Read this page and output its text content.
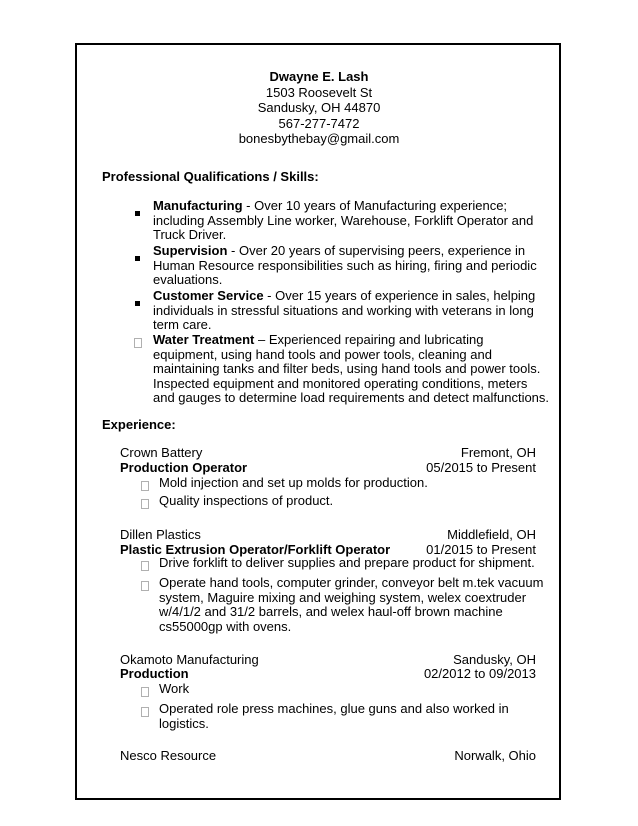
Dwayne E. Lash
1503 Roosevelt St
Sandusky, OH 44870
567-277-7472
bonesbythebay@gmail.com
Professional Qualifications / Skills:
Manufacturing - Over 10 years of Manufacturing experience;
including Assembly Line worker, Warehouse, Forklift Operator and
Truck Driver.
Supervision - Over 20 years of supervising peers, experience in
Human Resource responsibilities such as hiring, firing and periodic
evaluations.
Customer Service - Over 15 years of experience in sales, helping
individuals in stressful situations and working with veterans in long
term care.
Water Treatment – Experienced repairing and lubricating
equipment, using hand tools and power tools, cleaning and
maintaining tanks and filter beds, using hand tools and power tools.
Inspected equipment and monitored operating conditions, meters
and gauges to determine load requirements and detect malfunctions.
Experience:
Crown Battery	Fremont, OH
Production Operator	05/2015 to Present
Mold injection and set up molds for production.
Quality inspections of product.
Dillen Plastics	Middlefield, OH
Plastic Extrusion Operator/Forklift Operator	01/2015 to Present
Drive forklift to deliver supplies and prepare product for shipment.
Operate hand tools, computer grinder, conveyor belt m.tek vacuum
system, Maguire mixing and weighing system, welex coextruder
w/4/1/2 and 31/2 barrels, and welex haul-off brown machine
cs55000gp with ovens.
Okamoto Manufacturing	Sandusky, OH
Production	02/2012 to 09/2013
Work
Operated role press machines, glue guns and also worked in
logistics.
Nesco Resource	Norwalk, Ohio
